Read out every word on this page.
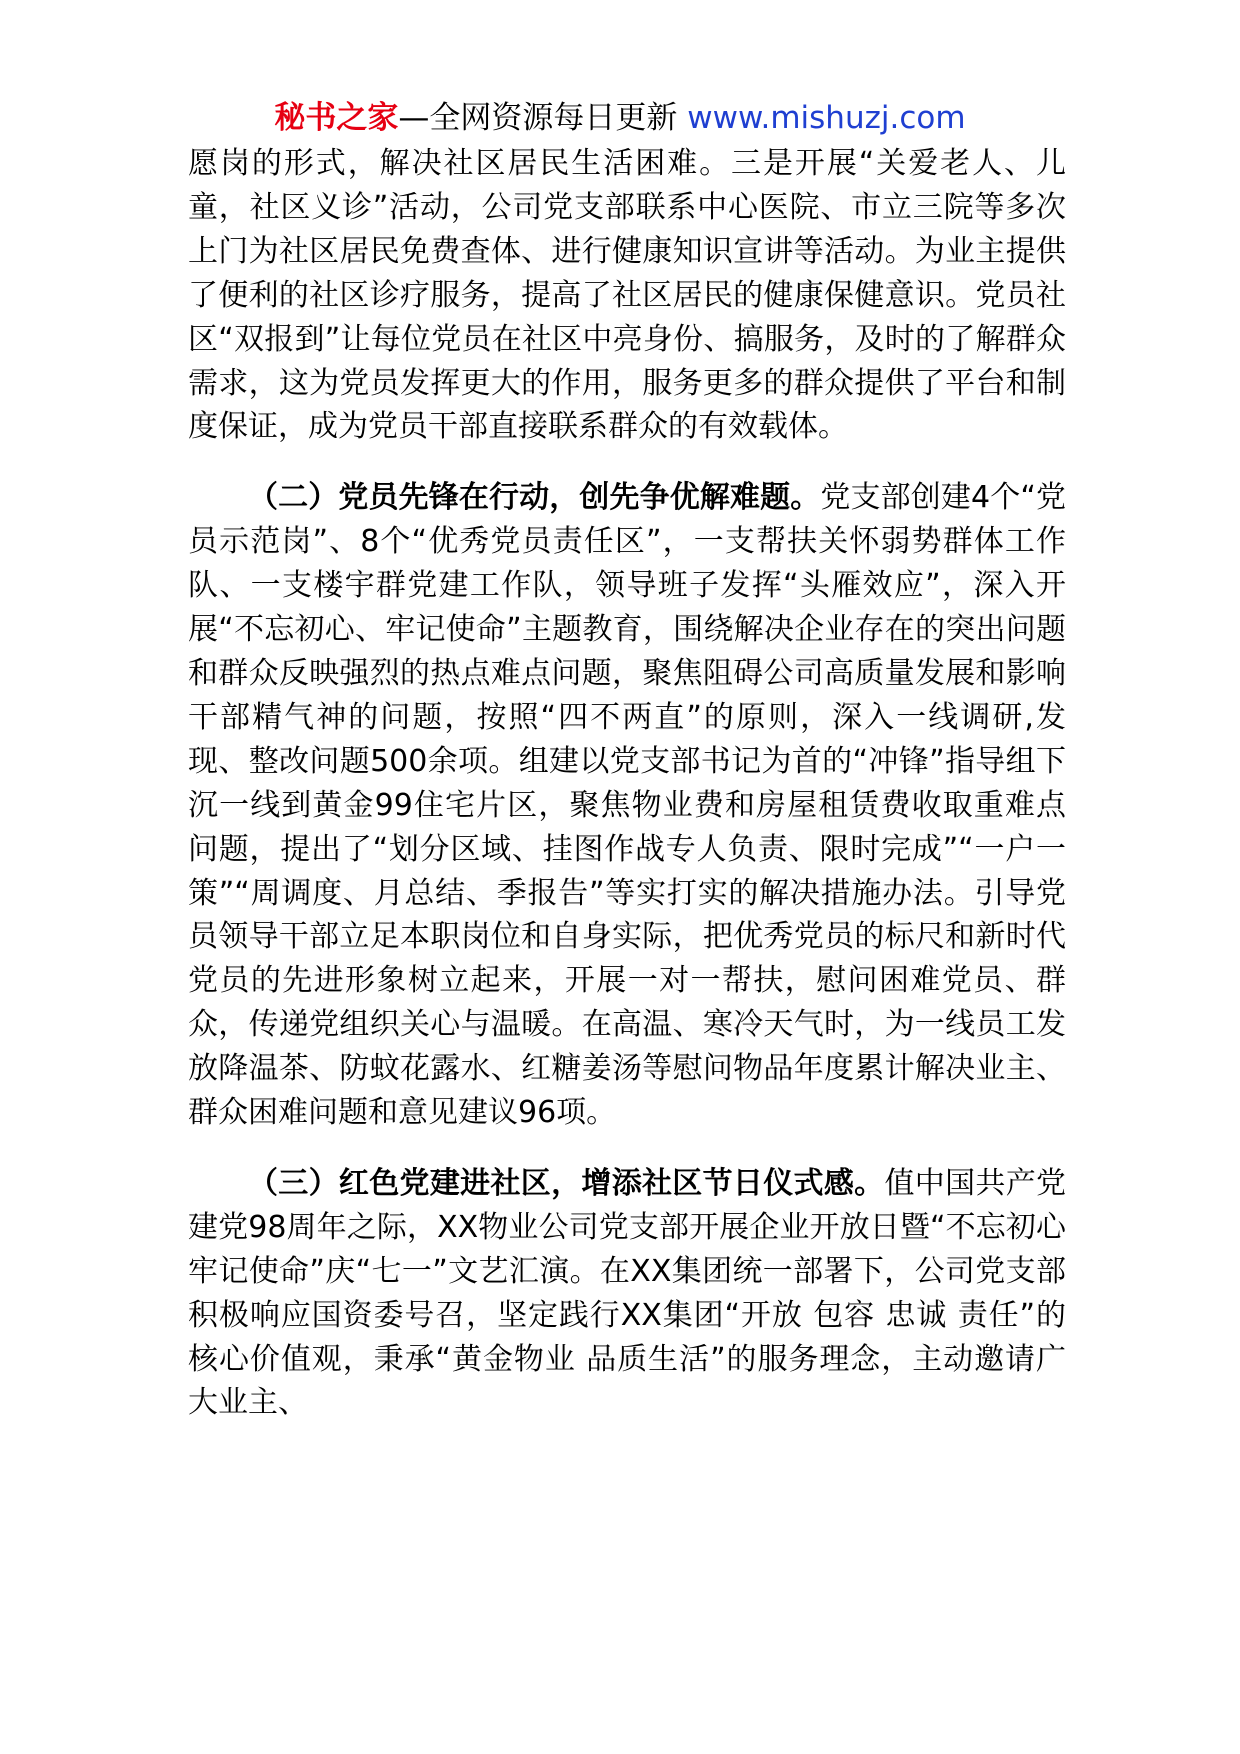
秘书之家—全网资源每日更新 www.mishuzj.com

愿岗的形式，解决社区居民生活困难。三是开展“关爱老人、儿童，社区义诊”活动，公司党支部联系中心医院、市立三院等多次上门为社区居民免费查体、进行健康知识宣讲等活动。为业主提供了便利的社区诊疗服务，提高了社区居民的健康保健意识。党员社区“双报到”让每位党员在社区中亮身份、搞服务，及时的了解群众需求，这为党员发挥更大的作用，服务更多的群众提供了平台和制度保证，成为党员干部直接联系群众的有效载体。

（二）党员先锋在行动，创先争优解难题。党支部创建4个“党员示范岗”、8个“优秀党员责任区”，一支帮扶关怀弱势群体工作队、一支楼宇群党建工作队，领导班子发挥“头雁效应”，深入开展“不忘初心、牢记使命”主题教育，围绕解决企业存在的突出问题和群众反映强烈的热点难点问题，聚焦阻碍公司高质量发展和影响干部精气神的问题，按照“四不两直”的原则，深入一线调研,发现、整改问题500余项。组建以党支部书记为首的“冲锋”指导组下沉一线到黄金99住宅片区，聚焦物业费和房屋租赁费收取重难点问题，提出了“划分区域、挂图作战专人负责、限时完成”“一户一策”“周调度、月总结、季报告”等实打实的解决措施办法。引导党员领导干部立足本职岗位和自身实际，把优秀党员的标尺和新时代党员的先进形象树立起来，开展一对一帮扶，慰问困难党员、群众，传递党组织关心与温暖。在高温、寒冷天气时，为一线员工发放降温茶、防蚊花露水、红糖姜汤等慰问物品年度累计解决业主、群众困难问题和意见建议96项。

（三）红色党建进社区，增添社区节日仪式感。值中国共产党建党98周年之际，XX物业公司党支部开展企业开放日暨“不忘初心 牢记使命”庆“七一”文艺汇演。在XX集团统一部署下，公司党支部积极响应国资委号召，坚定践行XX集团“开放 包容 忠诚 责任”的核心价值观，秉承“黄金物业 品质生活”的服务理念，主动邀请广大业主、
